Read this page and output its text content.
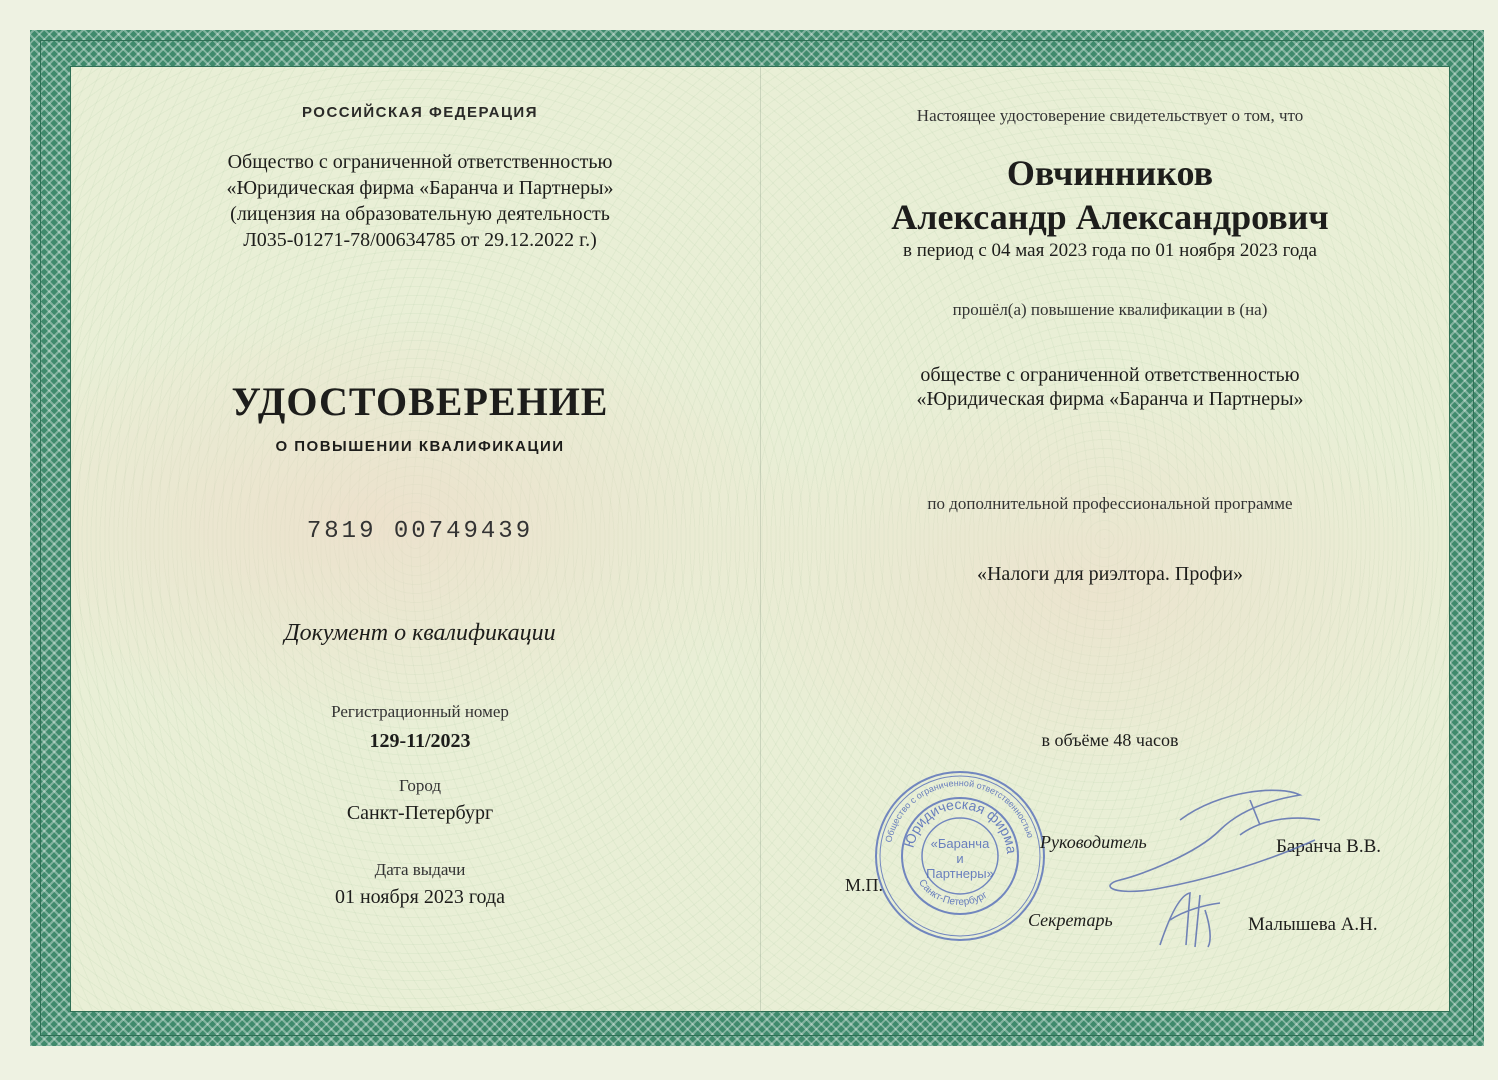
РОССИЙСКАЯ ФЕДЕРАЦИЯ
Общество с ограниченной ответственностью
«Юридическая фирма «Баранча и Партнеры»
(лицензия на образовательную деятельность
Л035-01271-78/00634785 от 29.12.2022 г.)
УДОСТОВЕРЕНИЕ
О ПОВЫШЕНИИ КВАЛИФИКАЦИИ
7819 00749439
Документ о квалификации
Регистрационный номер
129-11/2023
Город
Санкт-Петербург
Дата выдачи
01 ноября 2023 года
Настоящее удостоверение свидетельствует о том, что
Овчинников
Александр Александрович
в период с 04 мая 2023 года по 01 ноября 2023 года
прошёл(а) повышение квалификации в (на)
обществе с ограниченной ответственностью
«Юридическая фирма «Баранча и Партнеры»
по дополнительной профессиональной программе
«Налоги для риэлтора. Профи»
в объёме 48 часов
Общество с ограниченной ответственностью
Юридическая фирма
Санкт-Петербург
«Баранча
и
Партнеры»
М.П.
Руководитель	Баранча В.В.
Секретарь	Малышева А.Н.
